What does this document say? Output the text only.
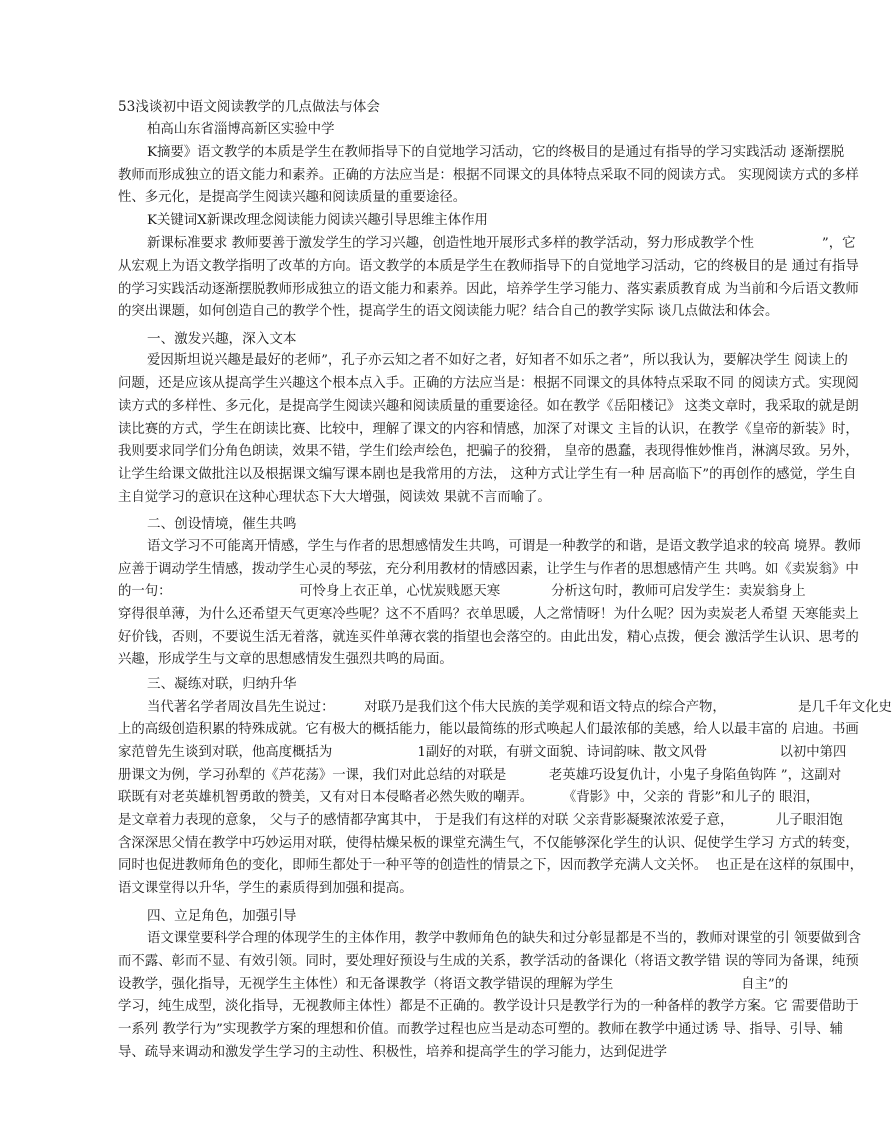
53浅谈初中语文阅读教学的几点做法与体会
柏高山东省淄博高新区实验中学
K摘要》语文教学的本质是学生在教师指导下的自觉地学习活动，它的终极目的是通过有指导的学习实践活动 逐渐摆脱
教师而形成独立的语文能力和素养。正确的方法应当是：根据不同课文的具体特点采取不同的阅读方式。 实现阅读方式的多样
性、多元化，是提高学生阅读兴趣和阅读质量的重要途径。
K关键词X新课改理念阅读能力阅读兴趣引导思维主体作用
新课标准要求 教师要善于激发学生的学习兴趣，创造性地开展形式多样的教学活动，努力形成教学个性                ”，它
从宏观上为语文教学指明了改革的方向。语文教学的本质是学生在教师指导下的自觉地学习活动，它的终极目的是 通过有指导
的学习实践活动逐渐摆脱教师形成独立的语文能力和素养。因此，培养学生学习能力、落实素质教育成 为当前和今后语文教师
的突出课题，如何创造自己的教学个性，提高学生的语文阅读能力呢？结合自己的教学实际 谈几点做法和体会。
一、激发兴趣，深入文本
爱因斯坦说兴趣是最好的老师”，孔子亦云知之者不如好之者，好知者不如乐之者”，所以我认为，要解决学生 阅读上的
问题，还是应该从提高学生兴趣这个根本点入手。正确的方法应当是：根据不同课文的具体特点采取不同 的阅读方式。实现阅
读方式的多样性、多元化，是提高学生阅读兴趣和阅读质量的重要途径。如在教学《岳阳楼记》 这类文章时，我采取的就是朗
读比赛的方式，学生在朗读比赛、比较中，理解了课文的内容和情感，加深了对课文 主旨的认识，在教学《皇帝的新装》时，
我则要求同学们分角色朗读，效果不错，学生们绘声绘色，把骗子的狡猾， 皇帝的愚蠢，表现得惟妙惟肖，淋漓尽致。另外，
让学生给课文做批注以及根据课文编写课本剧也是我常用的方法， 这种方式让学生有一种 居高临下”的再创作的感觉，学生自
主自觉学习的意识在这种心理状态下大大增强，阅读效 果就不言而喻了。
二、创设情境，催生共鸣
语文学习不可能离开情感，学生与作者的思想感情发生共鸣，可谓是一种教学的和谐，是语文教学追求的较高 境界。教师
应善于调动学生情感，拨动学生心灵的琴弦，充分利用教材的情感因素，让学生与作者的思想感情产生 共鸣。如《卖炭翁》中
的一句：                              可怜身上衣正单，心忧炭贱愿天寒            分析这句时，教师可启发学生：卖炭翁身上
穿得很单薄，为什么还希望天气更寒冷些呢？这不不盾吗？衣单思暖，人之常情呀！为什么呢？因为卖炭老人希望 天寒能卖上
好价钱，否则，不要说生活无着落，就连买件单薄衣裳的指望也会落空的。由此出发，精心点拨，便会 激活学生认识、思考的
兴趣，形成学生与文章的思想感情发生强烈共鸣的局面。
三、凝练对联，归纳升华
当代著名学者周汝昌先生说过：       对联乃是我们这个伟大民族的美学观和语文特点的综合产物，                 是几千年文化史
上的高级创造积累的特殊成就。它有极大的概括能力，能以最简练的形式唤起人们最浓郁的美感，给人以最丰富的 启迪。书画
家范曾先生谈到对联，他高度概括为                    1副好的对联，有骈文面貌、诗词韵味、散文风骨                 以初中第四
册课文为例，学习孙犁的《芦花荡》一课，我们对此总结的对联是          老英雄巧设复仇计，小鬼子身陷鱼钩阵 ”，这副对
联既有对老英雄机智勇敢的赞美，又有对日本侵略者必然失败的嘲弄。       《背影》中，父亲的 背影”和儿子的 眼泪，
是文章着力表现的意象， 父与子的感情都孕寓其中， 于是我们有这样的对联 父亲背影凝聚浓浓爱子意，          儿子眼泪饱
含深深思父情在教学中巧妙运用对联，使得枯燥呆板的课堂充满生气，不仅能够深化学生的认识、促使学生学习 方式的转变，
同时也促进教师角色的变化，即师生都处于一种平等的创造性的情景之下，因而教学充满人文关怀。  也正是在这样的氛围中，
语文课堂得以升华，学生的素质得到加强和提高。
四、立足角色，加强引导
语文课堂要科学合理的体现学生的主体作用，教学中教师角色的缺失和过分彰显都是不当的，教师对课堂的引 领要做到含
而不露、彰而不显、有效引领。同时，要处理好预设与生成的关系，教学活动的备课化（将语文教学错 误的等同为备课，纯预
设教学，强化指导，无视学生主体性）和无备课教学（将语文教学错误的理解为学生                              自主”的
学习，纯生成型，淡化指导，无视教师主体性）都是不正确的。教学设计只是教学行为的一种备样的教学方案。它 需要借助于
一系列 教学行为”实现教学方案的理想和价值。而教学过程也应当是动态可塑的。教师在教学中通过诱 导、指导、引导、辅
导、疏导来调动和激发学生学习的主动性、积极性，培养和提高学生的学习能力，达到促进学
